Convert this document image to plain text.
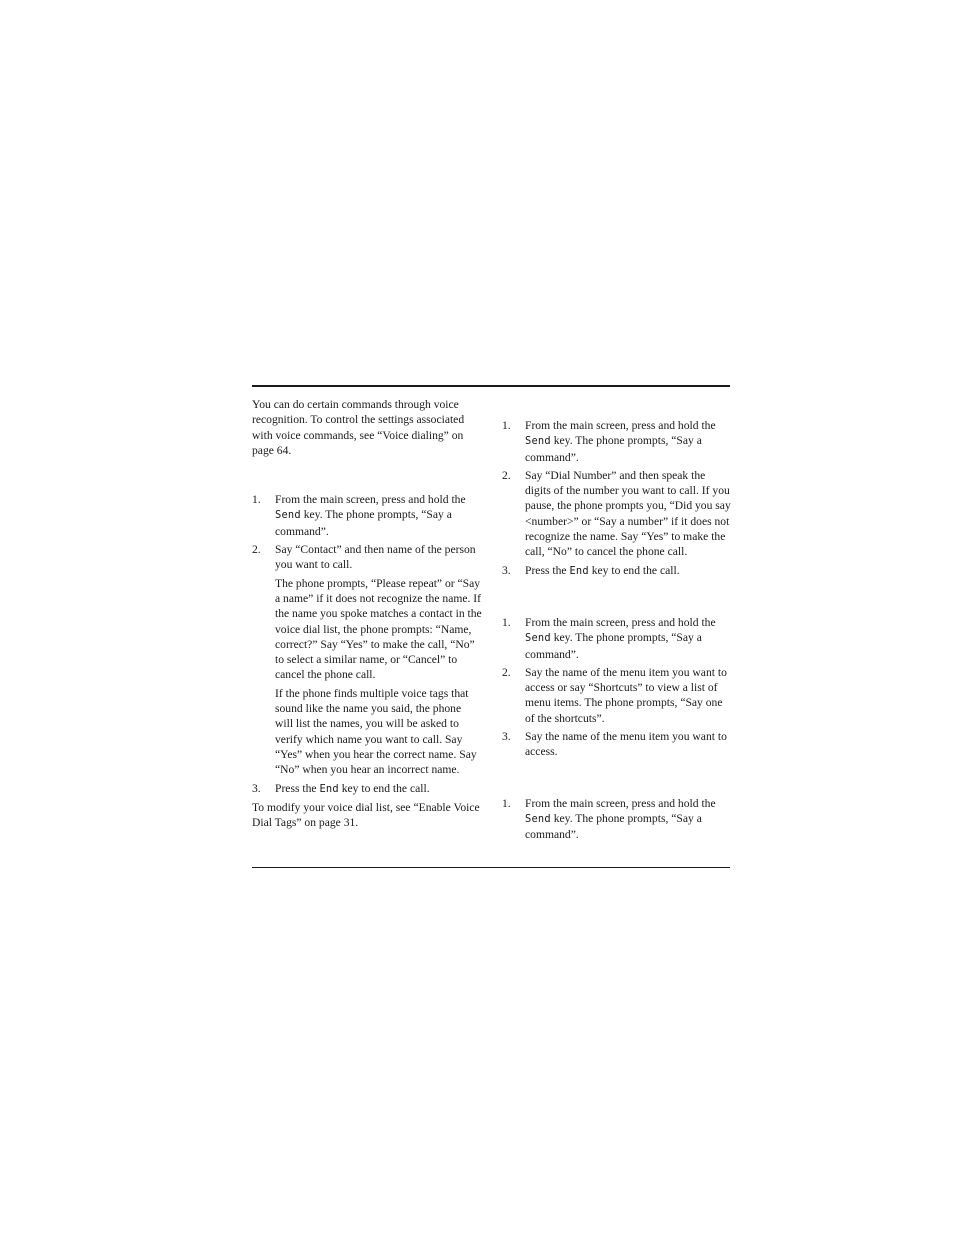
You can do certain commands through voice recognition. To control the settings associated with voice commands, see “Voice dialing” on page 64.

1. From the main screen, press and hold the Send key. The phone prompts, “Say a command”.
2. Say “Contact” and then name of the person you want to call.
The phone prompts, “Please repeat” or “Say a name” if it does not recognize the name. If the name you spoke matches a contact in the voice dial list, the phone prompts: “Name, correct?” Say “Yes” to make the call, “No” to select a similar name, or “Cancel” to cancel the phone call.
If the phone finds multiple voice tags that sound like the name you said, the phone will list the names, you will be asked to verify which name you want to call. Say “Yes” when you hear the correct name. Say “No” when you hear an incorrect name.
3. Press the End key to end the call.

To modify your voice dial list, see “Enable Voice Dial Tags” on page 31.

1. From the main screen, press and hold the Send key. The phone prompts, “Say a command”.
2. Say “Dial Number” and then speak the digits of the number you want to call. If you pause, the phone prompts you, “Did you say <number>” or “Say a number” if it does not recognize the name. Say “Yes” to make the call, “No” to cancel the phone call.
3. Press the End key to end the call.
1. From the main screen, press and hold the Send key. The phone prompts, “Say a command”.
2. Say the name of the menu item you want to access or say “Shortcuts” to view a list of menu items. The phone prompts, “Say one of the shortcuts”.
3. Say the name of the menu item you want to access.
1. From the main screen, press and hold the Send key. The phone prompts, “Say a command”.
